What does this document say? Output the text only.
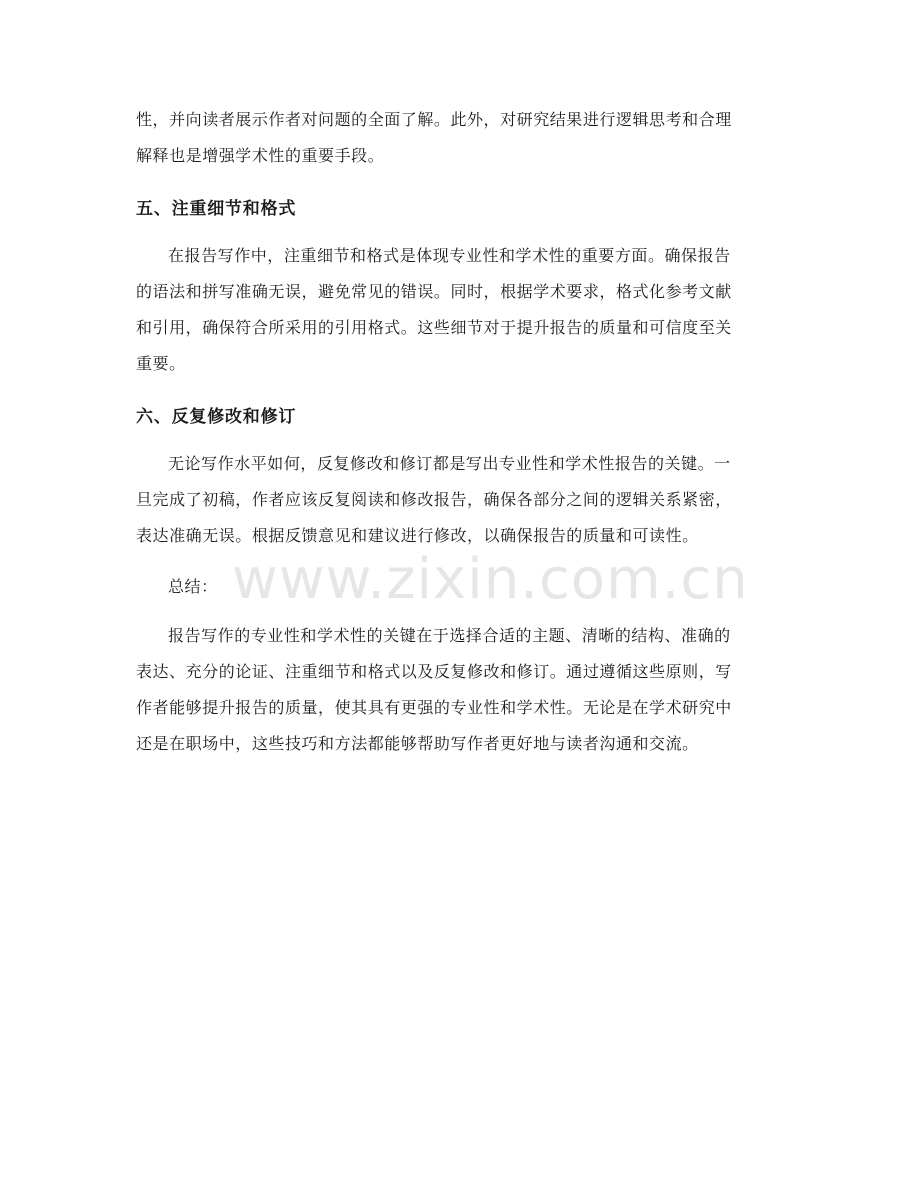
性，并向读者展示作者对问题的全面了解。此外，对研究结果进行逻辑思考和合理

解释也是增强学术性的重要手段。

五、注重细节和格式

在报告写作中，注重细节和格式是体现专业性和学术性的重要方面。确保报告

的语法和拼写准确无误，避免常见的错误。同时，根据学术要求，格式化参考文献

和引用，确保符合所采用的引用格式。这些细节对于提升报告的质量和可信度至关

重要。

六、反复修改和修订

无论写作水平如何，反复修改和修订都是写出专业性和学术性报告的关键。一

旦完成了初稿，作者应该反复阅读和修改报告，确保各部分之间的逻辑关系紧密，

表达准确无误。根据反馈意见和建议进行修改，以确保报告的质量和可读性。

总结：

报告写作的专业性和学术性的关键在于选择合适的主题、清晰的结构、准确的

表达、充分的论证、注重细节和格式以及反复修改和修订。通过遵循这些原则，写

作者能够提升报告的质量，使其具有更强的专业性和学术性。无论是在学术研究中

还是在职场中，这些技巧和方法都能够帮助写作者更好地与读者沟通和交流。

www.zixin.com.cn
